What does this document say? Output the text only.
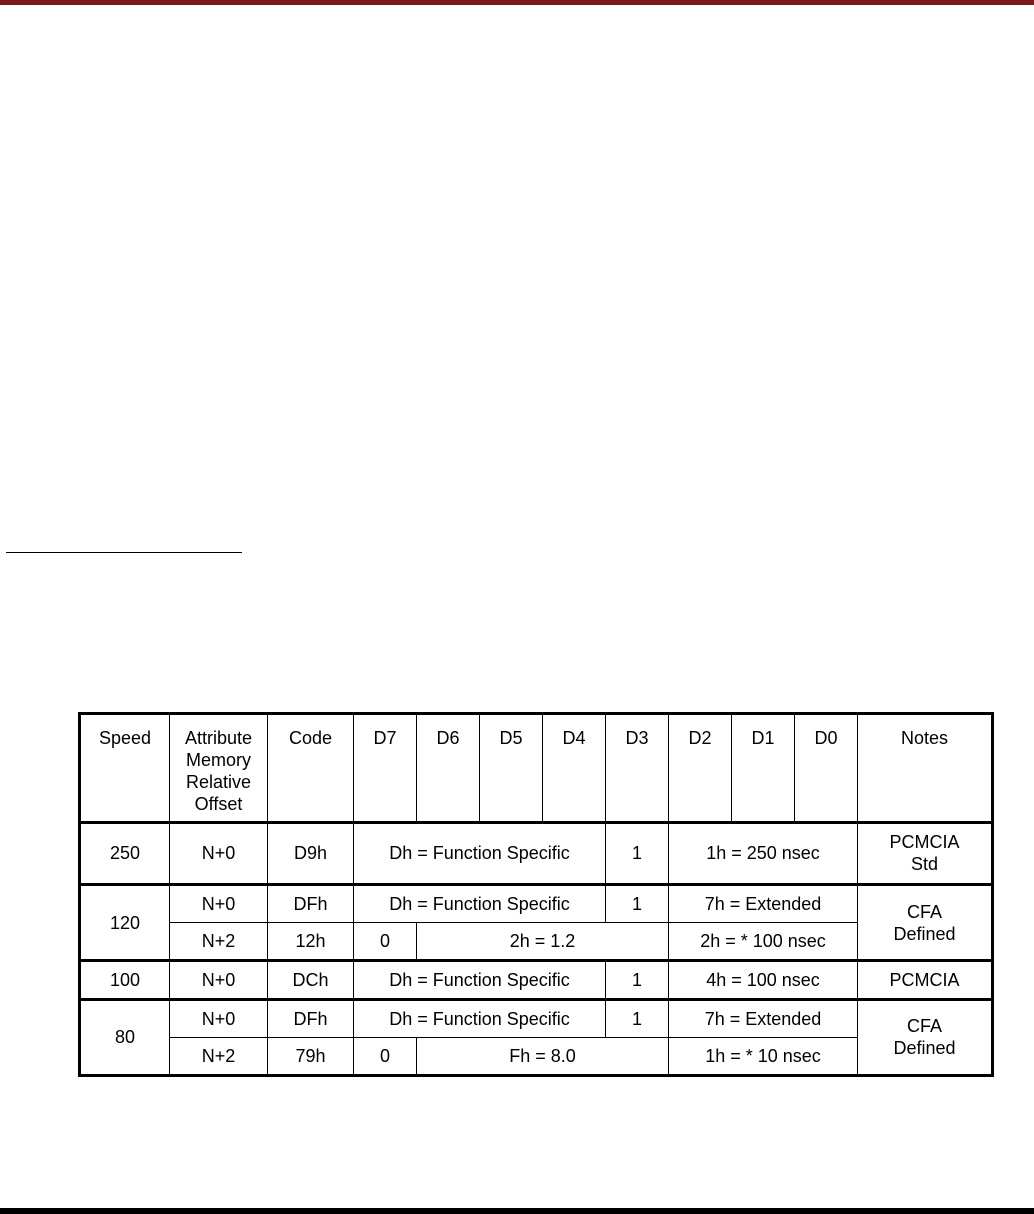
Speed	Attribute
Memory
Relative
Offset	Code	D7	D6	D5	D4	D3	D2	D1	D0	Notes
250	N+0	D9h	Dh = Function Specific				1	1h = 250 nsec			PCMCIA
Std

120	N+0	DFh	Dh = Function Specific				1	7h = Extended			CFA
Defined

	N+2	12h	0	2h = 1.2				2h = * 100 nsec			
100	N+0	DCh	Dh = Function Specific				1	4h = 100 nsec			PCMCIA
80	N+0	DFh	Dh = Function Specific				1	7h = Extended			CFA
Defined

	N+2	79h	0	Fh = 8.0				1h = * 10 nsec			
